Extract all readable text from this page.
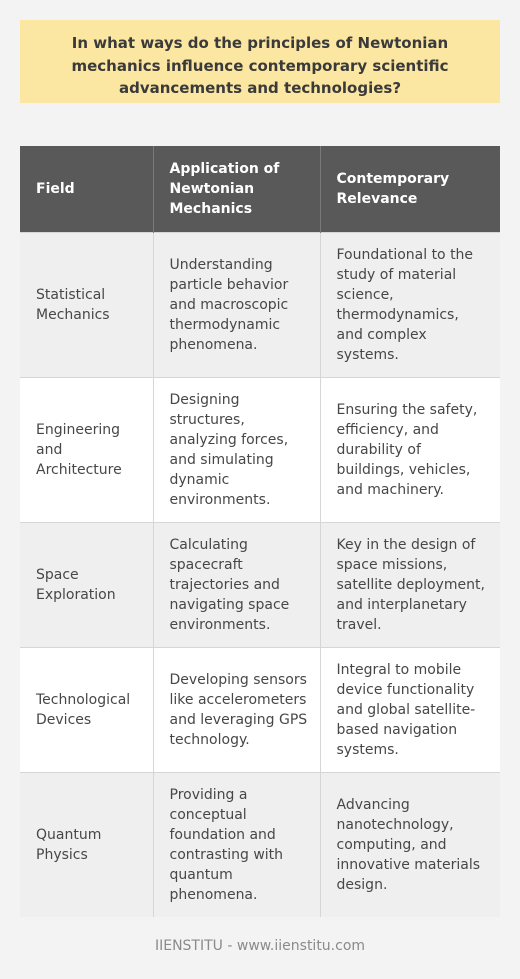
In what ways do the principles of Newtonian mechanics influence contemporary scientific advancements and technologies?
Field	Application of Newtonian Mechanics	Contemporary Relevance
Statistical Mechanics	Understanding particle behavior and macroscopic thermodynamic phenomena.	Foundational to the study of material science, thermodynamics, and complex systems.
Engineering and Architecture	Designing structures, analyzing forces, and simulating dynamic environments.	Ensuring the safety, efficiency, and durability of buildings, vehicles, and machinery.
Space Exploration	Calculating spacecraft trajectories and navigating space environments.	Key in the design of space missions, satellite deployment, and interplanetary travel.
Technological Devices	Developing sensors like accelerometers and leveraging GPS technology.	Integral to mobile device functionality and global satellite-based navigation systems.
Quantum Physics	Providing a conceptual foundation and contrasting with quantum phenomena.	Advancing nanotechnology, computing, and innovative materials design.
IIENSTITU - www.iienstitu.com
